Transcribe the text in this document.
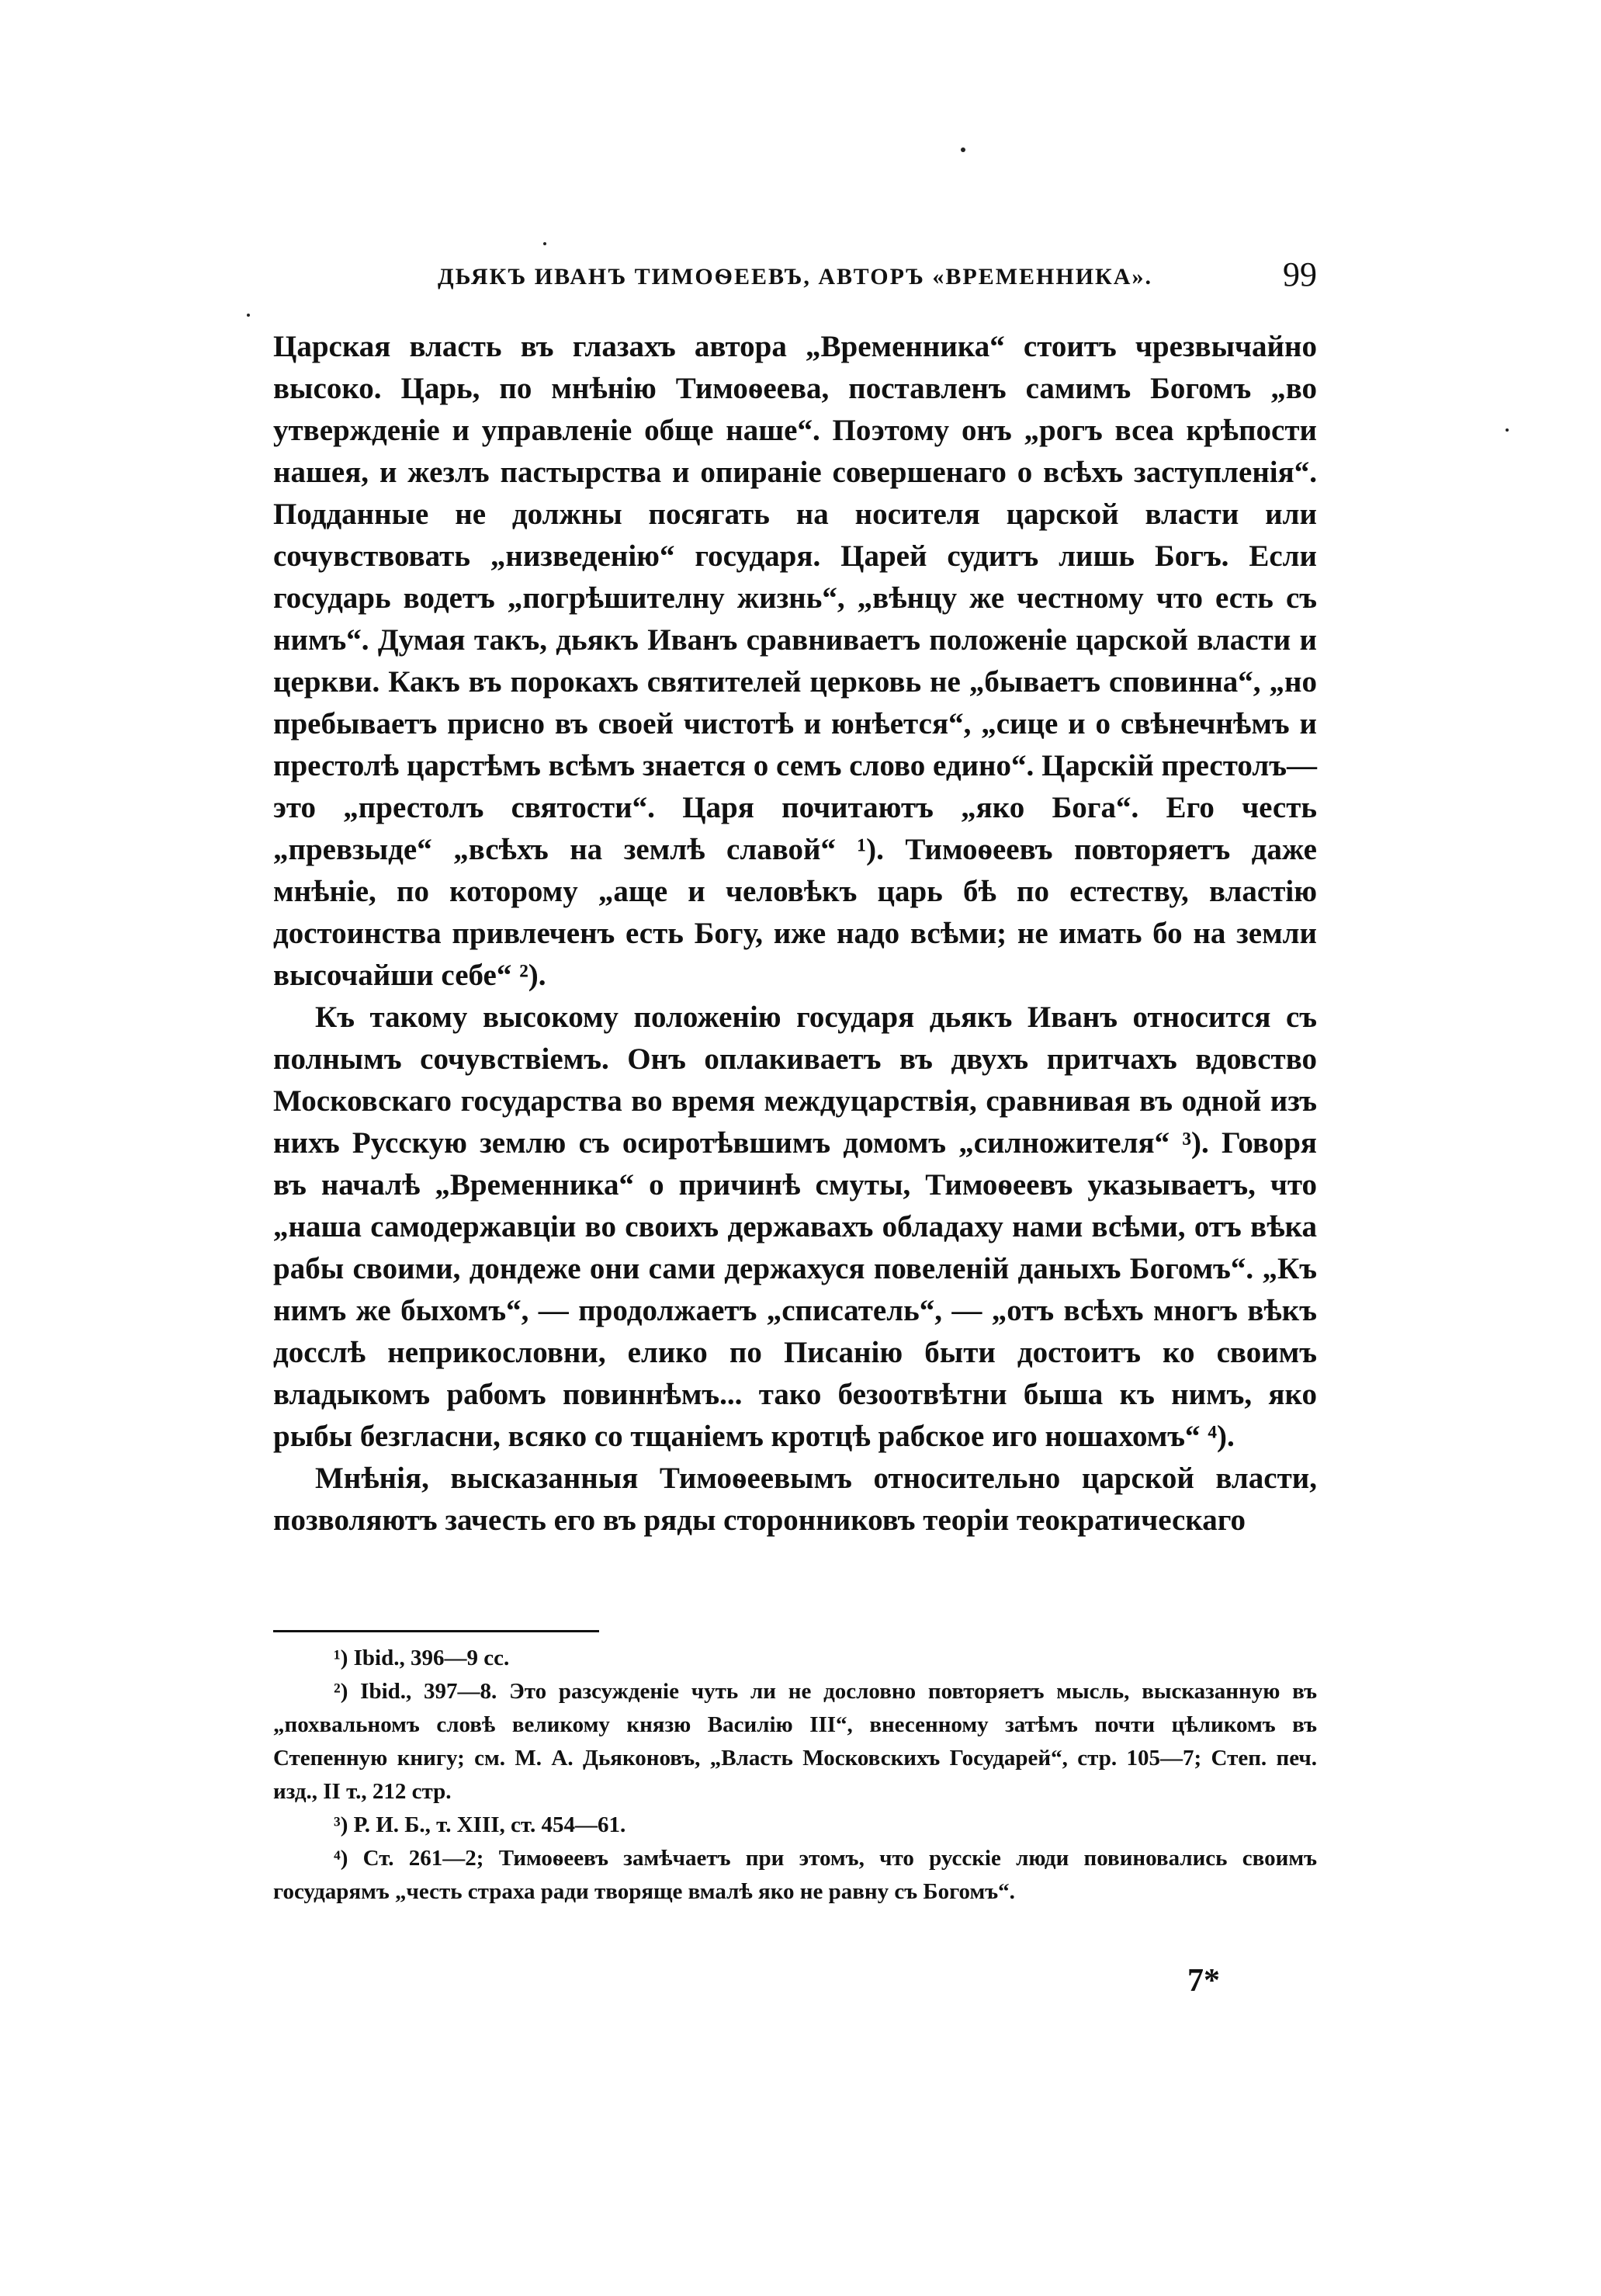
ДЬЯКЪ ИВАНЪ ТИМОѲЕЕВЪ, АВТОРЪ «ВРЕМЕННИКА».	99

Царская власть въ глазахъ автора „Временника“ стоитъ чрезвычайно высоко. Царь, по мнѣнію Тимоѳеева, поставленъ самимъ Богомъ „во утвержденіе и управленіе обще наше“. Поэтому онъ „рогъ всеа крѣпости нашея, и жезлъ пастырства и опираніе совершенаго о всѣхъ заступленія“. Подданные не должны посягать на носителя царской власти или сочувствовать „низведенію“ государя. Царей судитъ лишь Богъ. Если государь водетъ „погрѣшителну жизнь“, „вѣнцу же честному что есть съ нимъ“. Думая такъ, дьякъ Иванъ сравниваетъ положеніе царской власти и церкви. Какъ въ порокахъ святителей церковь не „бываетъ сповинна“, „но пребываетъ присно въ своей чистотѣ и юнѣется“, „сице и о свѣнечнѣмъ и престолѣ царстѣмъ всѣмъ знается о семъ слово едино“. Царскій престолъ—это „престолъ святости“. Царя почитаютъ „яко Бога“. Его честь „превзыде“ „всѣхъ на землѣ славой“ ¹). Тимоѳеевъ повторяетъ даже мнѣніе, по которому „аще и человѣкъ царь бѣ по естеству, властію достоинства привлеченъ есть Богу, иже надо всѣми; не имать бо на земли высочайши себе“ ²).

Къ такому высокому положенію государя дьякъ Иванъ относится съ полнымъ сочувствіемъ. Онъ оплакиваетъ въ двухъ притчахъ вдовство Московскаго государства во время междуцарствія, сравнивая въ одной изъ нихъ Русскую землю съ осиротѣвшимъ домомъ „силножителя“ ³). Говоря въ началѣ „Временника“ о причинѣ смуты, Тимоѳеевъ указываетъ, что „наша самодержавціи во своихъ державахъ обладаху нами всѣми, отъ вѣка рабы своими, дондеже они сами держахуся повеленій даныхъ Богомъ“. „Къ нимъ же быхомъ“, — продолжаетъ „списатель“, — „отъ всѣхъ многъ вѣкъ досслѣ неприкословни, елико по Писанію быти достоитъ ко своимъ владыкомъ рабомъ повиннѣмъ... тако безоотвѣтни быша къ нимъ, яко рыбы безгласни, всяко со тщаніемъ кротцѣ рабское иго ношахомъ“ ⁴).

Мнѣнія, высказанныя Тимоѳеевымъ относительно царской власти, позволяютъ зачесть его въ ряды сторонниковъ теоріи теократическаго

¹) Ibid., 396—9 сс.

²) Ibid., 397—8. Это разсужденіе чуть ли не дословно повторяетъ мысль, высказанную въ „похвальномъ словѣ великому князю Василію III“, внесенному затѣмъ почти цѣликомъ въ Степенную книгу; см. М. А. Дьяконовъ, „Власть Московскихъ Государей“, стр. 105—7; Степ. печ. изд., II т., 212 стр.

³) Р. И. Б., т. XIII, ст. 454—61.

⁴) Ст. 261—2; Тимоѳеевъ замѣчаетъ при этомъ, что русскіе люди повиновались своимъ государямъ „честь страха ради творяще вмалѣ яко не равну съ Богомъ“.

7*
